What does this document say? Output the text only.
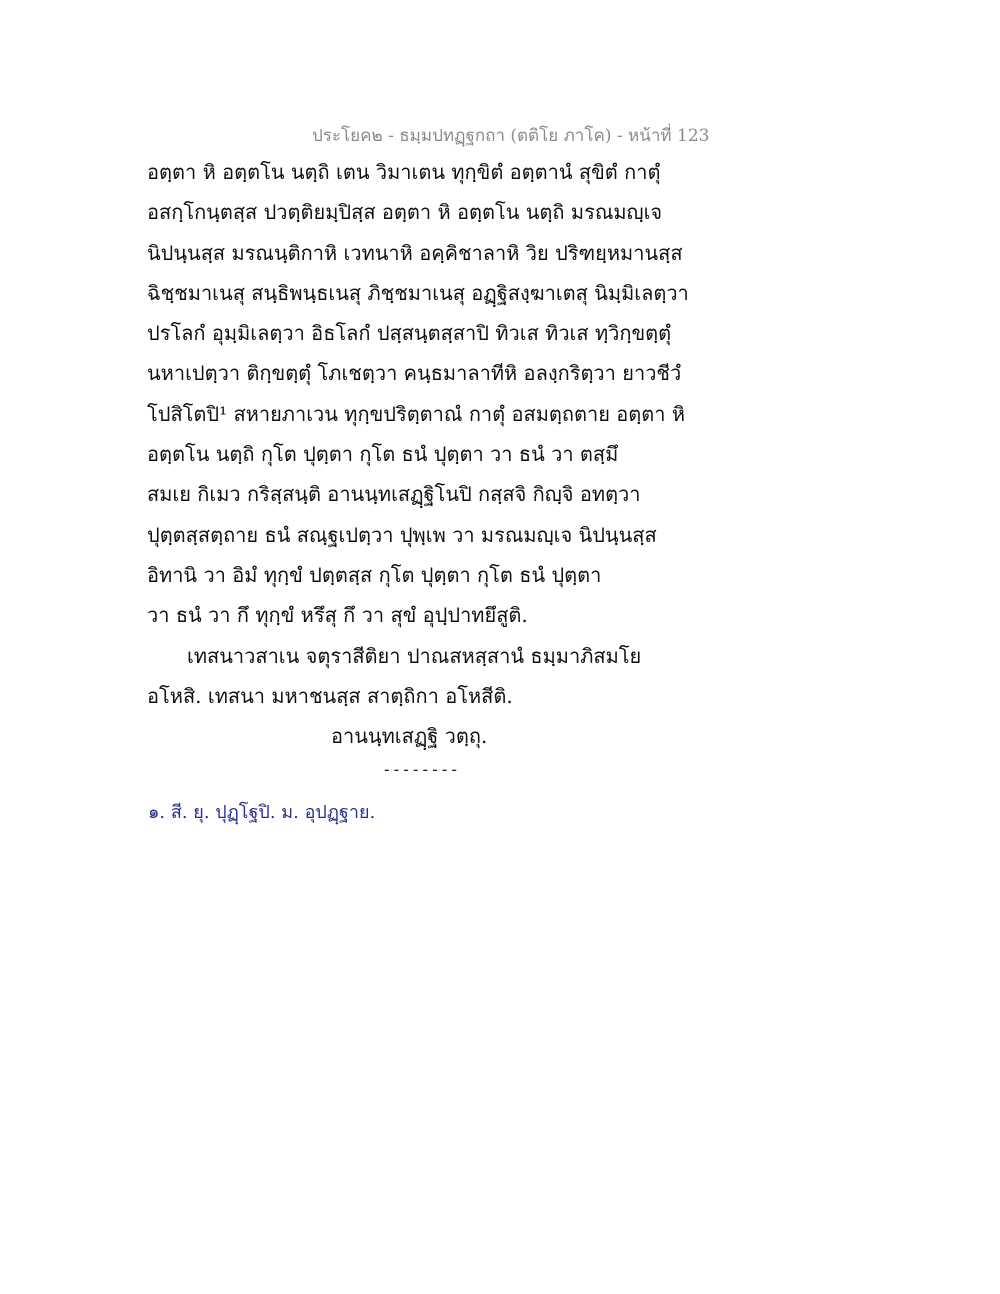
ประโยค๒ - ธมฺมปทฏฺฐกถา (ตติโย ภาโค) - หน้าที่ 123
อตฺตา หิ อตฺตโน นตฺถิ เตน วิมาเตน ทุกฺขิตํ อตฺตานํ สุขิตํ กาตุํ
อสกฺโกนฺตสฺส ปวตฺติยมฺปิสฺส อตฺตา หิ อตฺตโน นตฺถิ มรณมญฺเจ
นิปนฺนสฺส มรณนฺติกาหิ เวทนาหิ อคฺคิชาลาหิ วิย ปริฑยฺหมานสฺส
ฉิชฺชมาเนสุ สนฺธิพนฺธเนสุ ภิชฺชมาเนสุ อฏฺฐิสงฺฆาเตสุ นิมฺมิเลตฺวา
ปรโลกํ อุมฺมิเลตฺวา อิธโลกํ ปสฺสนฺตสฺสาปิ ทิวเส ทิวเส ทฺวิกฺขตฺตุํ
นหาเปตฺวา ติกฺขตฺตุํ โภเชตฺวา คนฺธมาลาทีหิ อลงฺกริตฺวา ยาวชีวํ
โปสิโตปิ¹ สหายภาเวน ทุกฺขปริตฺตาณํ กาตุํ อสมตฺถตาย อตฺตา หิ
อตฺตโน นตฺถิ กุโต ปุตฺตา กุโต ธนํ ปุตฺตา วา ธนํ วา ตสฺมึ
สมเย กิเมว กริสฺสนฺติ อานนฺทเสฏฺฐิโนปิ กสฺสจิ กิญฺจิ อทตฺวา
ปุตฺตสฺสตฺถาย ธนํ สณฺฐเปตฺวา ปุพฺเพ วา มรณมญฺเจ นิปนฺนสฺส
อิทานิ วา อิมํ ทุกฺขํ ปตฺตสฺส กุโต ปุตฺตา กุโต ธนํ ปุตฺตา
วา ธนํ วา กึ ทุกฺขํ หรึสุ กึ วา สุขํ อุปฺปาทยึสูติ.
เทสนาวสาเน จตุราสีติยา ปาณสหสฺสานํ ธมฺมาภิสมโย
อโหสิ. เทสนา มหาชนสฺส สาตฺถิกา อโหสีติ.
อานนฺทเสฏฺฐิ วตฺถุ.
--------
๑. สี. ยุ. ปุฏฺโฐปิ. ม. อุปฏฺฐาย.
